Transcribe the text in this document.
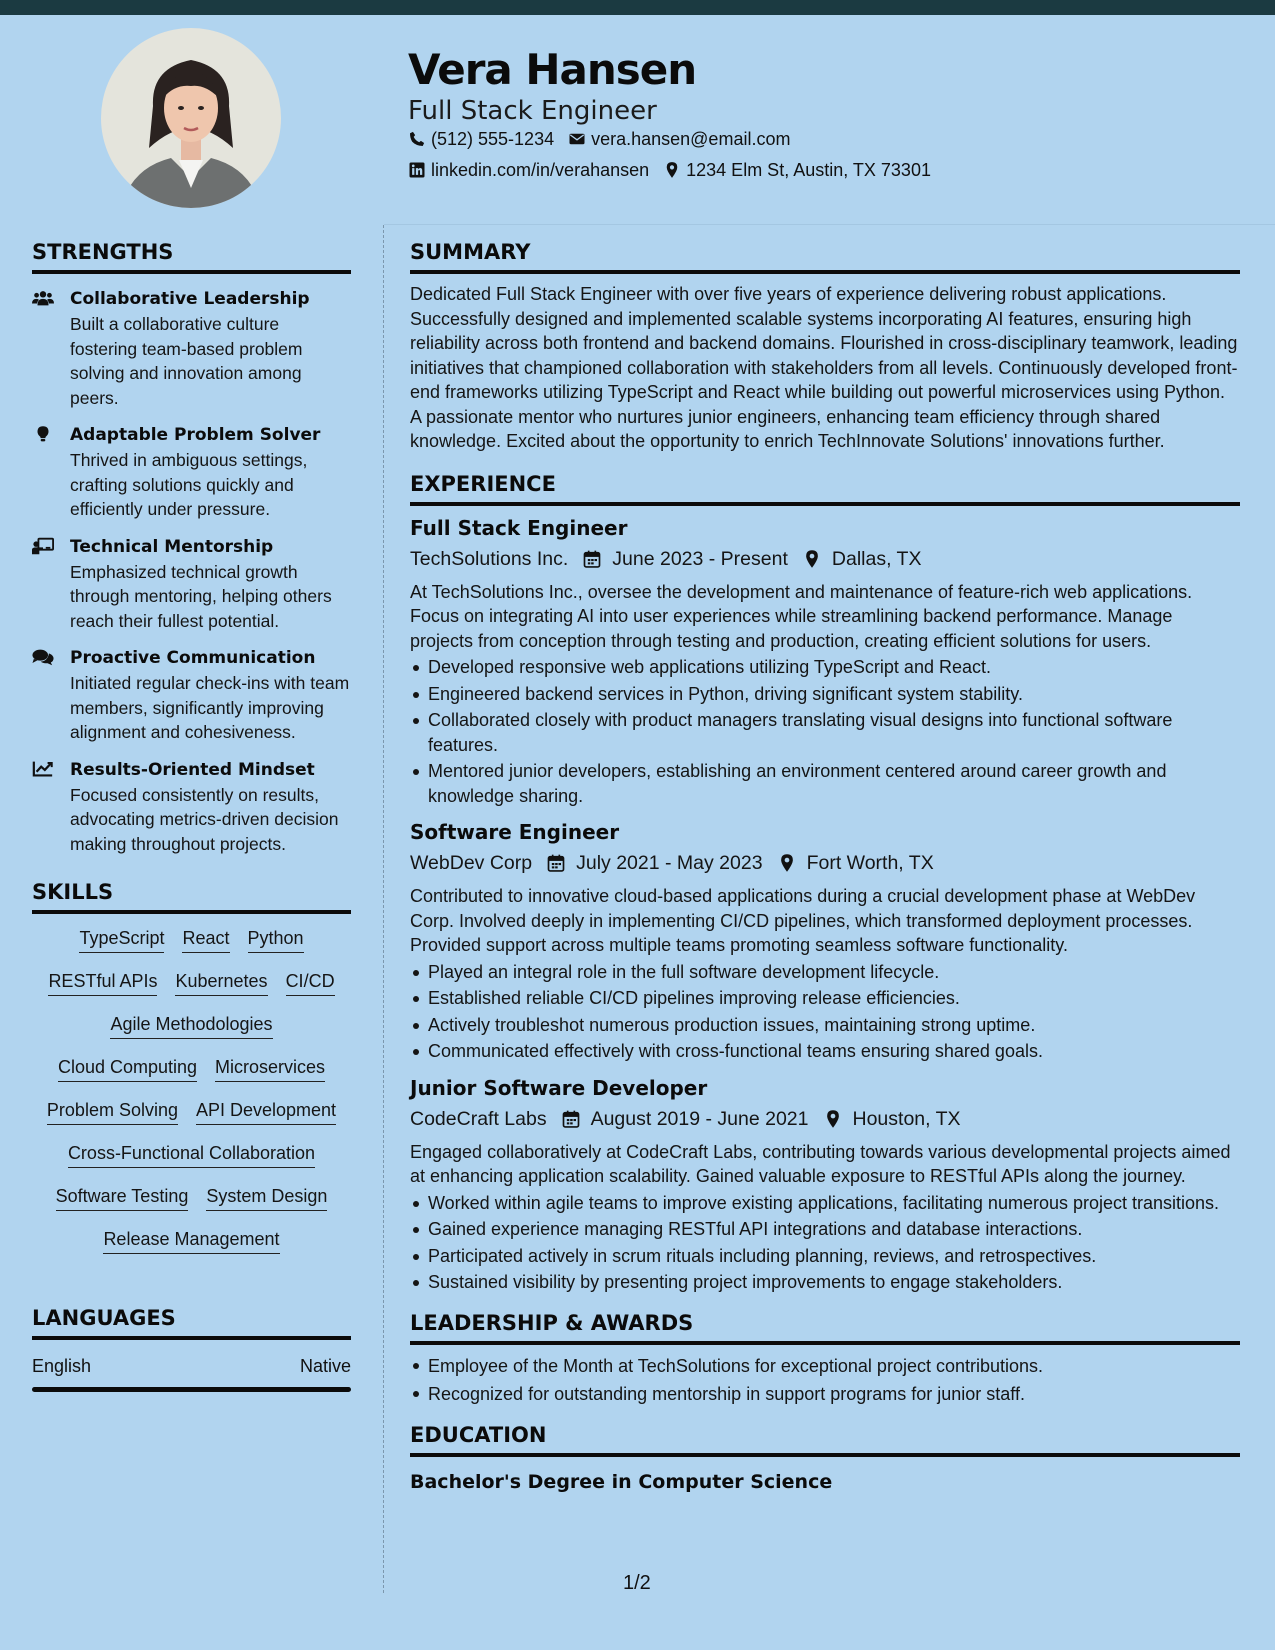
Vera Hansen
Full Stack Engineer
(512) 555-1234 vera.hansen@email.com
linkedin.com/in/verahansen 1234 Elm St, Austin, TX 73301
STRENGTHS
Collaborative Leadership
Built a collaborative culture fostering team-based problem solving and innovation among peers.
Adaptable Problem Solver
Thrived in ambiguous settings, crafting solutions quickly and efficiently under pressure.
Technical Mentorship
Emphasized technical growth through mentoring, helping others reach their fullest potential.
Proactive Communication
Initiated regular check-ins with team members, significantly improving alignment and cohesiveness.
Results-Oriented Mindset
Focused consistently on results, advocating metrics-driven decision making throughout projects.
SKILLS
TypeScript React Python
RESTful APIs Kubernetes CI/CD
Agile Methodologies
Cloud Computing Microservices
Problem Solving API Development
Cross-Functional Collaboration
Software Testing System Design
Release Management
LANGUAGES
English	Native
SUMMARY
Dedicated Full Stack Engineer with over five years of experience delivering robust applications. Successfully designed and implemented scalable systems incorporating AI features, ensuring high reliability across both frontend and backend domains. Flourished in cross-disciplinary teamwork, leading initiatives that championed collaboration with stakeholders from all levels. Continuously developed front-end frameworks utilizing TypeScript and React while building out powerful microservices using Python. A passionate mentor who nurtures junior engineers, enhancing team efficiency through shared knowledge. Excited about the opportunity to enrich TechInnovate Solutions' innovations further.
EXPERIENCE
Full Stack Engineer
TechSolutions Inc. June 2023 - Present Dallas, TX
At TechSolutions Inc., oversee the development and maintenance of feature-rich web applications. Focus on integrating AI into user experiences while streamlining backend performance. Manage projects from conception through testing and production, creating efficient solutions for users.
Developed responsive web applications utilizing TypeScript and React.
Engineered backend services in Python, driving significant system stability.
Collaborated closely with product managers translating visual designs into functional software features.
Mentored junior developers, establishing an environment centered around career growth and knowledge sharing.
Software Engineer
WebDev Corp July 2021 - May 2023 Fort Worth, TX
Contributed to innovative cloud-based applications during a crucial development phase at WebDev Corp. Involved deeply in implementing CI/CD pipelines, which transformed deployment processes. Provided support across multiple teams promoting seamless software functionality.
Played an integral role in the full software development lifecycle.
Established reliable CI/CD pipelines improving release efficiencies.
Actively troubleshot numerous production issues, maintaining strong uptime.
Communicated effectively with cross-functional teams ensuring shared goals.
Junior Software Developer
CodeCraft Labs August 2019 - June 2021 Houston, TX
Engaged collaboratively at CodeCraft Labs, contributing towards various developmental projects aimed at enhancing application scalability. Gained valuable exposure to RESTful APIs along the journey.
Worked within agile teams to improve existing applications, facilitating numerous project transitions.
Gained experience managing RESTful API integrations and database interactions.
Participated actively in scrum rituals including planning, reviews, and retrospectives.
Sustained visibility by presenting project improvements to engage stakeholders.
LEADERSHIP & AWARDS
Employee of the Month at TechSolutions for exceptional project contributions.
Recognized for outstanding mentorship in support programs for junior staff.
EDUCATION
Bachelor's Degree in Computer Science
1/2
